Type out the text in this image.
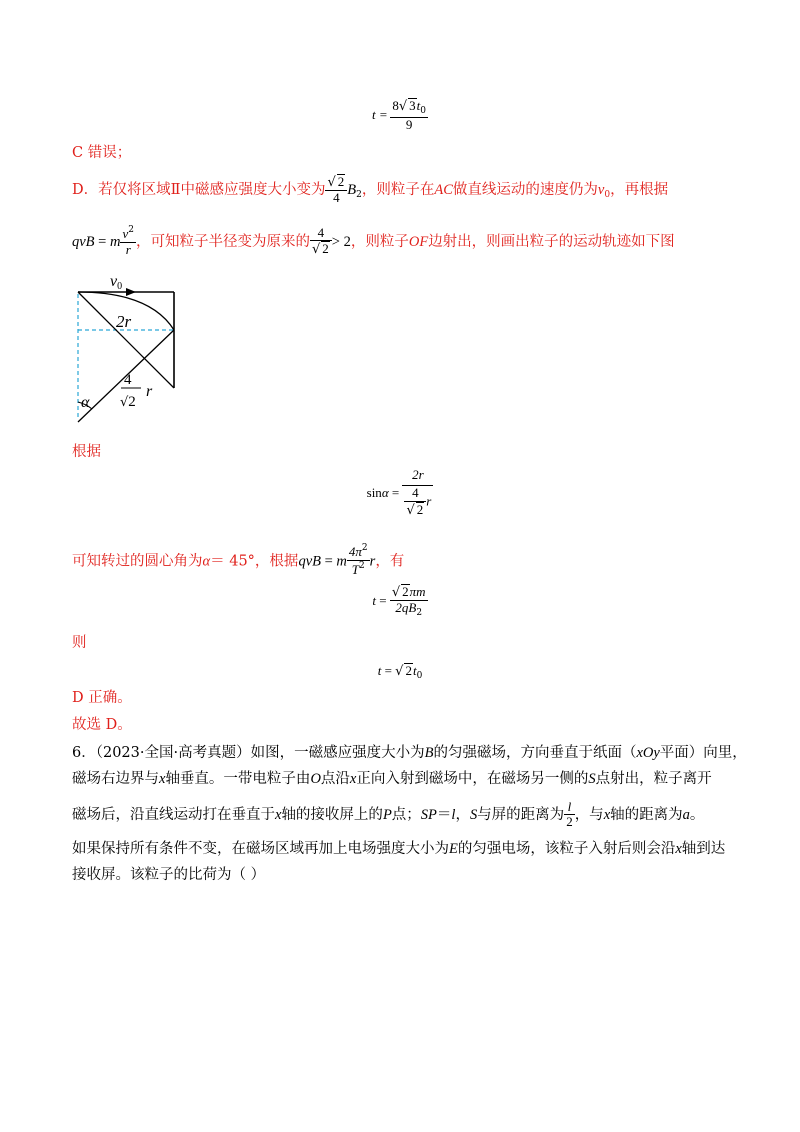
$t = \frac{8√ 3t_0}{9}$
C 错误；
D．若仅将区域Ⅱ中磁感应强度大小变为 $\frac{√ 2}{4} B_2$，则粒子在AC做直线运动的速度仍为$v_0$，再根据
qvB = m $\frac{v^2}{r}$ ，可知粒子半径变为原来的 $\frac{4}{√ 2} > 2$，则粒子OF边射出，则画出粒子的运动轨迹如下图
v0
2r
4
√2
r
α
根据
$\sin\alpha = \frac{2r}{\frac{4}{√ 2} r}$
可知转过的圆心角为α＝ 45°，根据qvB = m $\frac{4\pi^2}{T^2}$ r，有
$t = \frac{√ 2\pi m}{2qB_2}$
则
t = √ $2t_0$
D 正确。
故选 D。
6．（2023·全国·高考真题）如图，一磁感应强度大小为B的匀强磁场，方向垂直于纸面（xOy平面）向里，
磁场右边界与x轴垂直。一带电粒子由O点沿x正向入射到磁场中，在磁场另一侧的S点射出，粒子离开
磁场后，沿直线运动打在垂直于x轴的接收屏上的P点；SP＝l，S与屏的距离为 $\frac{l}{2}$ ，与x轴的距离为a。
如果保持所有条件不变，在磁场区域再加上电场强度大小为E的匀强电场，该粒子入射后则会沿x轴到达
接收屏。该粒子的比荷为（ ）
